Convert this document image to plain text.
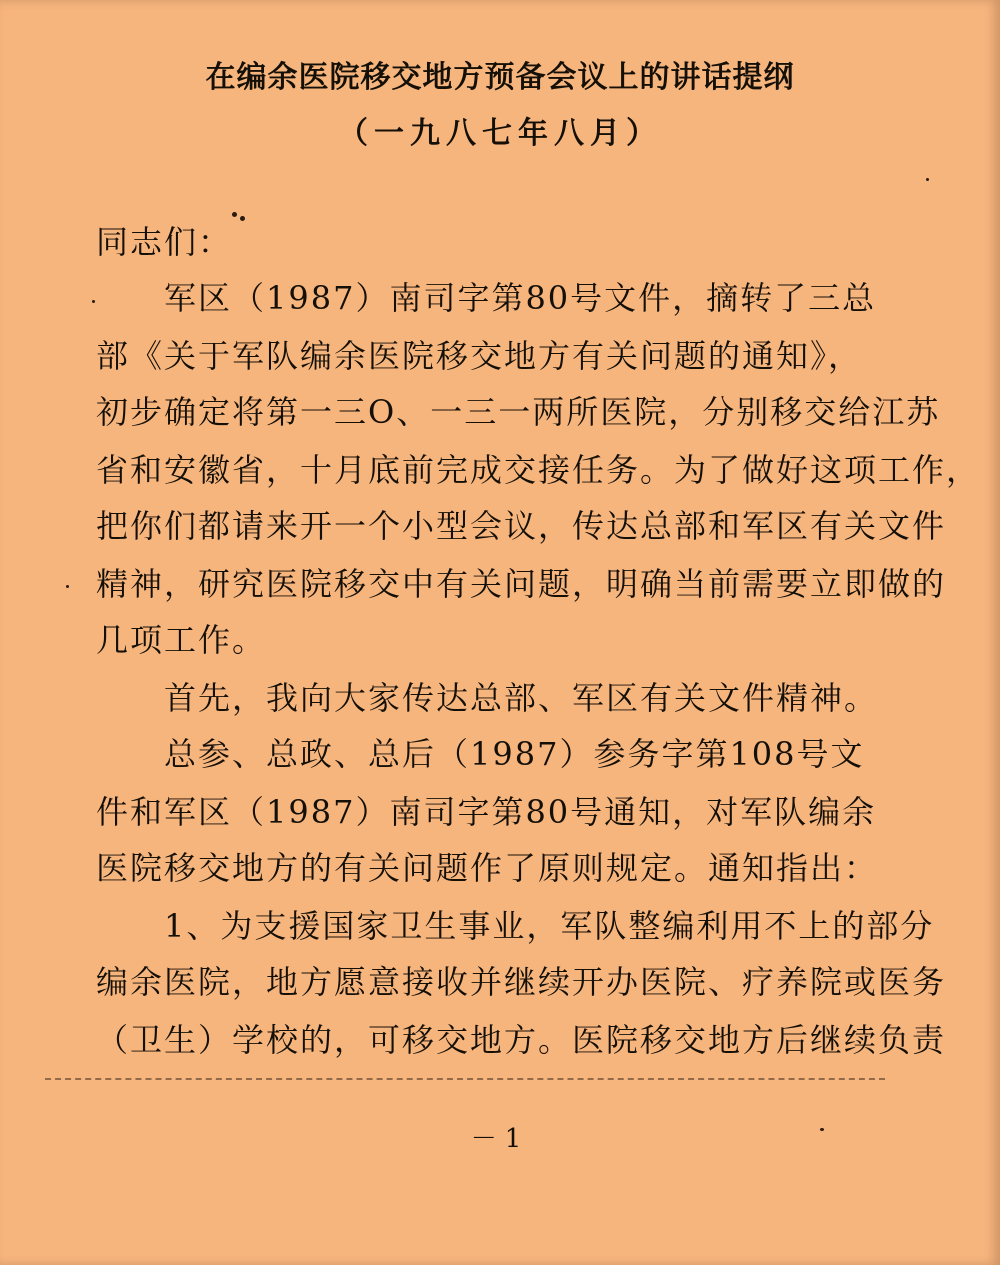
在编余医院移交地方预备会议上的讲话提纲
（一九八七年八月）
同志们：
　　军区（1987）南司字第80号文件，摘转了三总
部《关于军队编余医院移交地方有关问题的通知》，
初步确定将第一三O、一三一两所医院，分别移交给江苏
省和安徽省，十月底前完成交接任务。为了做好这项工作，
把你们都请来开一个小型会议，传达总部和军区有关文件
精神，研究医院移交中有关问题，明确当前需要立即做的
几项工作。
　　首先，我向大家传达总部、军区有关文件精神。
　　总参、总政、总后（1987）参务字第108号文
件和军区（1987）南司字第80号通知，对军队编余
医院移交地方的有关问题作了原则规定。通知指出：
　　1、为支援国家卫生事业，军队整编利用不上的部分
编余医院，地方愿意接收并继续开办医院、疗养院或医务
（卫生）学校的，可移交地方。医院移交地方后继续负责
－1
